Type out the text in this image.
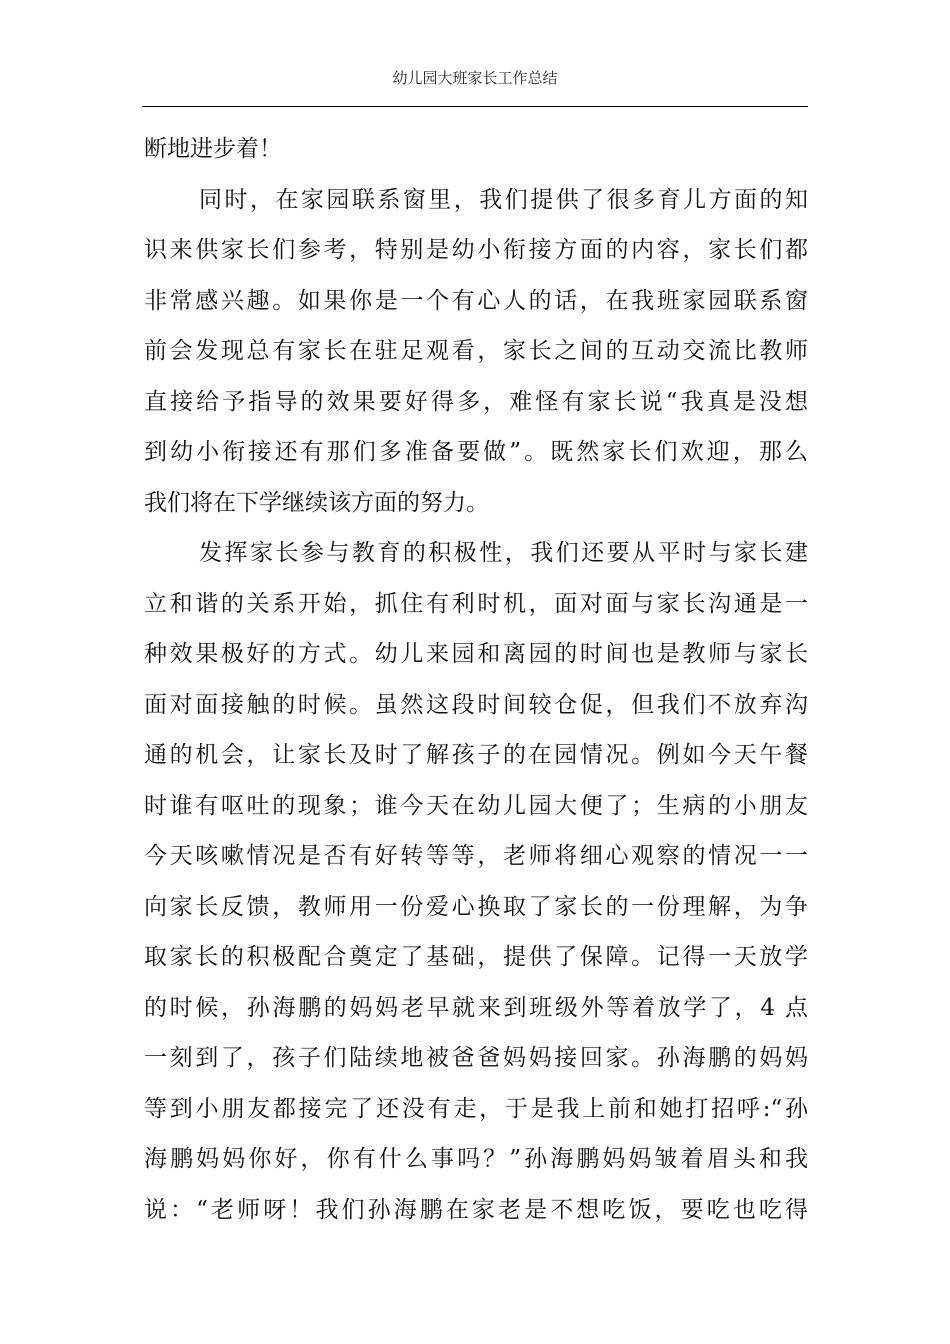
幼儿园大班家长工作总结
断地进步着！
同时，在家园联系窗里，我们提供了很多育儿方面的知
识来供家长们参考，特别是幼小衔接方面的内容，家长们都
非常感兴趣。如果你是一个有心人的话，在我班家园联系窗
前会发现总有家长在驻足观看，家长之间的互动交流比教师
直接给予指导的效果要好得多，难怪有家长说“我真是没想
到幼小衔接还有那们多准备要做”。既然家长们欢迎，那么
我们将在下学继续该方面的努力。
发挥家长参与教育的积极性，我们还要从平时与家长建
立和谐的关系开始，抓住有利时机，面对面与家长沟通是一
种效果极好的方式。幼儿来园和离园的时间也是教师与家长
面对面接触的时候。虽然这段时间较仓促，但我们不放弃沟
通的机会，让家长及时了解孩子的在园情况。例如今天午餐
时谁有呕吐的现象；谁今天在幼儿园大便了；生病的小朋友
今天咳嗽情况是否有好转等等，老师将细心观察的情况一一
向家长反馈，教师用一份爱心换取了家长的一份理解，为争
取家长的积极配合奠定了基础，提供了保障。记得一天放学
的时候，孙海鹏的妈妈老早就来到班级外等着放学了，4 点
一刻到了，孩子们陆续地被爸爸妈妈接回家。孙海鹏的妈妈
等到小朋友都接完了还没有走，于是我上前和她打招呼:“孙
海鹏妈妈你好，你有什么事吗？”孙海鹏妈妈皱着眉头和我
说：“老师呀！我们孙海鹏在家老是不想吃饭，要吃也吃得
